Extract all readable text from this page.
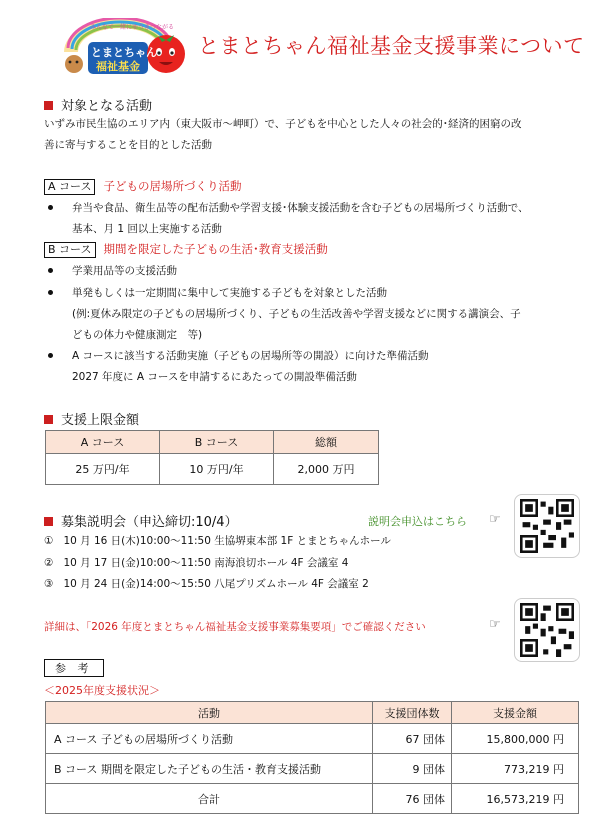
みんなで一緒にゆうきつながる
とまとちゃん
福祉基金
とまとちゃん福祉基金支援事業について
対象となる活動
いずみ市民生協のエリア内（東大阪市～岬町）で、子どもを中心とした人々の社会的･経済的困窮の改
善に寄与することを目的とした活動
A コース 子どもの居場所づくり活動
弁当や食品、衛生品等の配布活動や学習支援･体験支援活動を含む子どもの居場所づくり活動で、
基本、月 1 回以上実施する活動
B コース 期間を限定した子どもの生活･教育支援活動
学業用品等の支援活動
単発もしくは一定期間に集中して実施する子どもを対象とした活動
(例:夏休み限定の子どもの居場所づくり、子どもの生活改善や学習支援などに関する講演会、子
どもの体力や健康測定　等)
A コースに該当する活動実施（子どもの居場所等の開設）に向けた準備活動
2027 年度に A コースを申請するにあたっての開設準備活動
支援上限金額
A コース	B コース	総額
25 万円/年	10 万円/年	2,000 万円
募集説明会（申込締切:10/4）	説明会申込はこちら ☞
① 10 月 16 日(木)10:00～11:50 生協堺東本部 1F とまとちゃんホール
② 10 月 17 日(金)10:00～11:50 南海浪切ホール 4F 会議室 4
③ 10 月 24 日(金)14:00～15:50 八尾プリズムホール 4F 会議室 2
詳細は、「2026 年度とまとちゃん福祉基金支援事業募集要項」でご確認ください	☞
参 考
＜2025年度支援状況＞
活動	支援団体数	支援金額
A コース 子どもの居場所づくり活動	67 団体	15,800,000 円
B コース 期間を限定した子どもの生活・教育支援活動	9 団体	773,219 円
合計	76 団体	16,573,219 円
